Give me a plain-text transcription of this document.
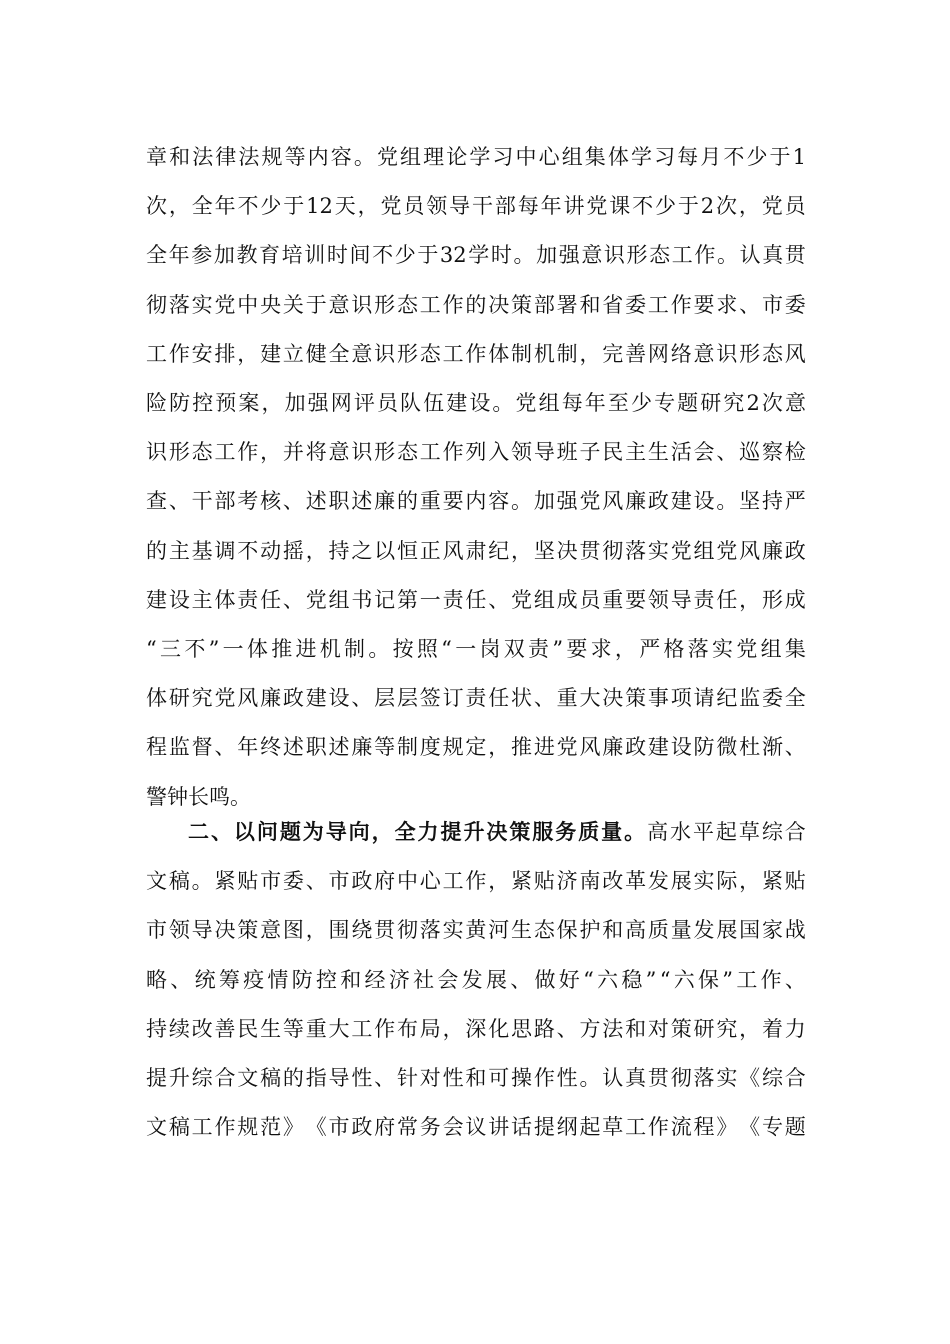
章 和 法 律 法 规 等 内 容 。 党 组 理 论 学 习 中 心 组 集 体 学 习 每 月 不 少 于 1
次 ， 全 年 不 少 于 12 天 ， 党 员 领 导 干 部 每 年 讲 党 课 不 少 于 2 次 ， 党 员
全 年 参 加 教 育 培 训 时 间 不 少 于 32 学 时 。 加 强 意 识 形 态 工 作 。 认 真 贯
彻 落 实 党 中 央 关 于 意 识 形 态 工 作 的 决 策 部 署 和 省 委 工 作 要 求 、 市 委
工 作 安 排 ， 建 立 健 全 意 识 形 态 工 作 体 制 机 制 ， 完 善 网 络 意 识 形 态 风
险 防 控 预 案 ， 加 强 网 评 员 队 伍 建 设 。 党 组 每 年 至 少 专 题 研 究 2 次 意
识 形 态 工 作 ， 并 将 意 识 形 态 工 作 列 入 领 导 班 子 民 主 生 活 会 、 巡 察 检
查 、 干 部 考 核 、 述 职 述 廉 的 重 要 内 容 。 加 强 党 风 廉 政 建 设 。 坚 持 严
的 主 基 调 不 动 摇 ， 持 之 以 恒 正 风 肃 纪 ， 坚 决 贯 彻 落 实 党 组 党 风 廉 政
建 设 主 体 责 任 、 党 组 书 记 第 一 责 任 、 党 组 成 员 重 要 领 导 责 任 ， 形 成
“ 三 不 ” 一 体 推 进 机 制 。 按 照 “ 一 岗 双 责 ” 要 求 ， 严 格 落 实 党 组 集
体 研 究 党 风 廉 政 建 设 、 层 层 签 订 责 任 状 、 重 大 决 策 事 项 请 纪 监 委 全
程 监 督 、 年 终 述 职 述 廉 等 制 度 规 定 ， 推 进 党 风 廉 政 建 设 防 微 杜 渐 、
警 钟 长 鸣 。
二 、 以 问 题 为 导 向 ， 全 力 提 升 决 策 服 务 质 量 。 高 水 平 起 草 综 合
文 稿 。 紧 贴 市 委 、 市 政 府 中 心 工 作 ， 紧 贴 济 南 改 革 发 展 实 际 ， 紧 贴
市 领 导 决 策 意 图 ， 围 绕 贯 彻 落 实 黄 河 生 态 保 护 和 高 质 量 发 展 国 家 战
略 、 统 筹 疫 情 防 控 和 经 济 社 会 发 展 、 做 好 “ 六 稳 ” “ 六 保 ” 工 作 、
持 续 改 善 民 生 等 重 大 工 作 布 局 ， 深 化 思 路 、 方 法 和 对 策 研 究 ， 着 力
提 升 综 合 文 稿 的 指 导 性 、 针 对 性 和 可 操 作 性 。 认 真 贯 彻 落 实 《 综 合
文 稿 工 作 规 范 》 《 市 政 府 常 务 会 议 讲 话 提 纲 起 草 工 作 流 程 》 《 专 题
